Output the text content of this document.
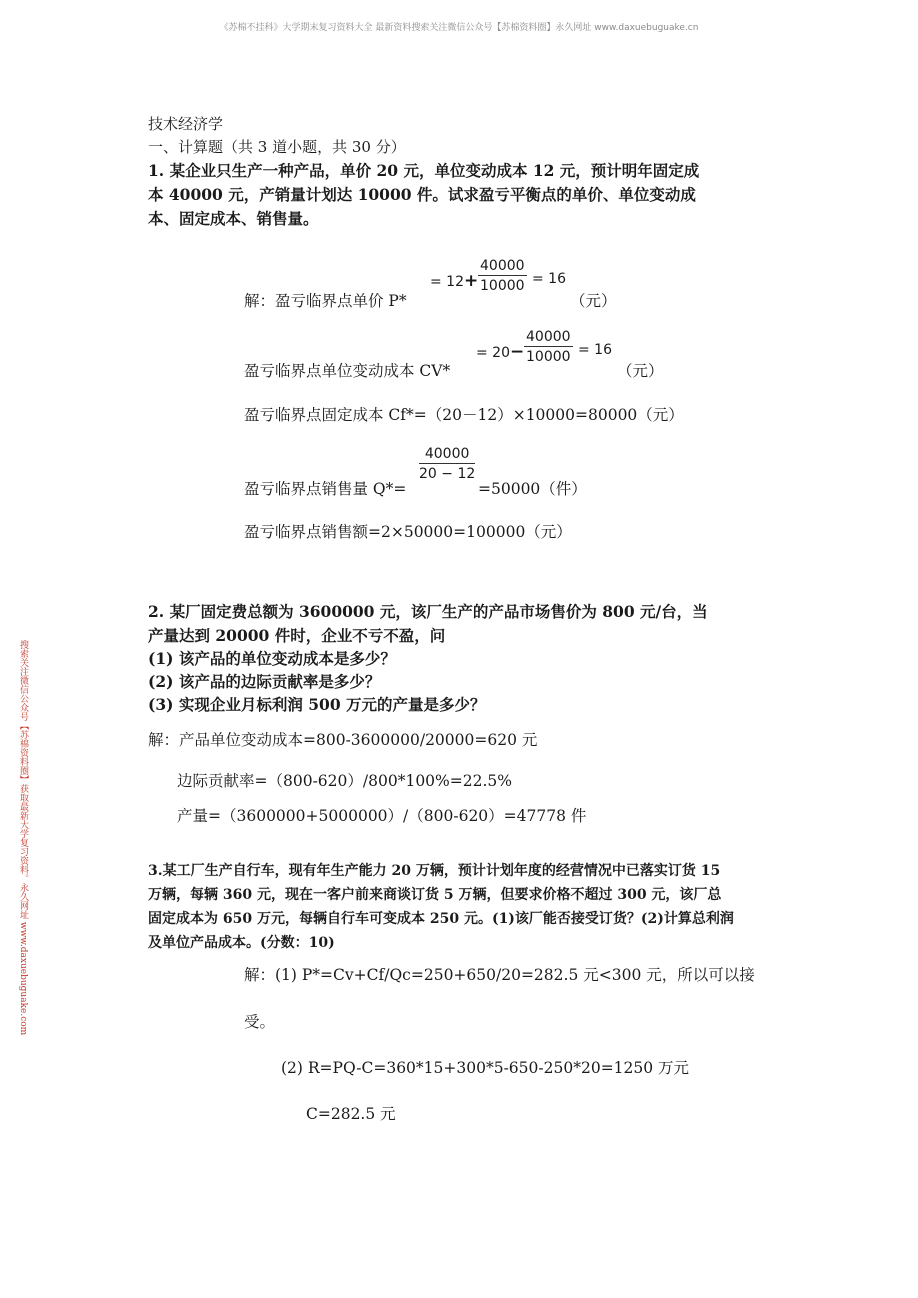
《苏棉不挂科》大学期末复习资料大全 最新资料搜索关注微信公众号【苏棉资料圈】永久网址 www.daxuebuguake.cn
搜索关注微信公众号【苏棉资料圈】获取最新大学复习资料。永久网址 www.daxuebuguake.com
技术经济学
一、计算题（共 3 道小题，共 30 分）
1. 某企业只生产一种产品，单价 20 元，单位变动成本 12 元，预计明年固定成
本 40000 元，产销量计划达 10000 件。试求盈亏平衡点的单价、单位变动成
本、固定成本、销售量。
解：盈亏临界点单价 P*
= $12+ \frac{40000}{10000} = 16$
（元）
盈亏临界点单位变动成本 CV*
= $20- \frac{40000}{10000} = 16$
（元）
盈亏临界点固定成本 Cf*=（20－12）×10000=80000（元）
盈亏临界点销售量 Q*=
$\frac{40000}{20 - 12}$
=50000（件）
盈亏临界点销售额=2×50000=100000（元）
2. 某厂固定费总额为 3600000 元，该厂生产的产品市场售价为 800 元/台，当
产量达到 20000 件时，企业不亏不盈，问
(1) 该产品的单位变动成本是多少？
(2) 该产品的边际贡献率是多少？
(3) 实现企业月标利润 500 万元的产量是多少？
解：产品单位变动成本=800-3600000/20000=620 元
边际贡献率=（800-620）/800*100%=22.5%
产量=（3600000+5000000）/（800-620）=47778 件
3.某工厂生产自行车，现有年生产能力 20 万辆，预计计划年度的经营情况中已落实订货 15
万辆，每辆 360 元，现在一客户前来商谈订货 5 万辆，但要求价格不超过 300 元，该厂总
固定成本为 650 万元，每辆自行车可变成本 250 元。(1)该厂能否接受订货？(2)计算总利润
及单位产品成本。(分数：10)
解：(1) P*=Cv+Cf/Qc=250+650/20=282.5 元<300 元，所以可以接
受。
(2) R=PQ-C=360*15+300*5-650-250*20=1250 万元
C=282.5 元
